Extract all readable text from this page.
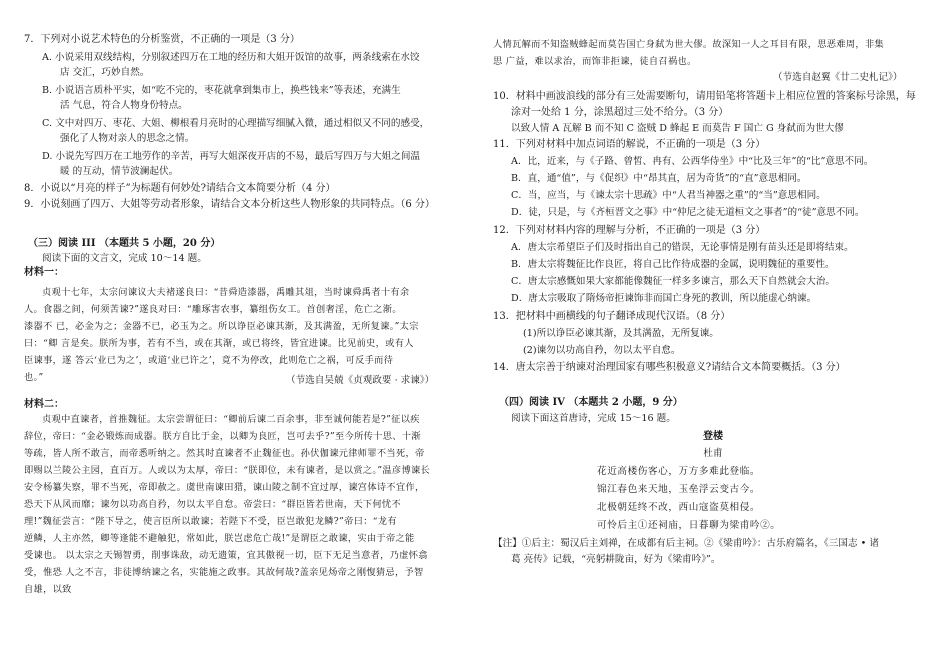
7．下列对小说艺术特色的分析鉴赏，不正确的一项是（3 分）
A. 小说采用双线结构，分别叙述四万在工地的经历和大姐开饭馆的故事，两条线索在水饺
店 交汇，巧妙自然。
B. 小说语言质朴平实，如“吃不完的，枣花就拿到集市上，换些钱来”等表述，充满生
活 气息，符合人物身份特点。
C. 文中对四万、枣花、大姐、柳根看月亮时的心理描写细腻入微，通过相似又不同的感受，
强化了人物对亲人的思念之情。
D. 小说先写四万在工地劳作的辛苦，再写大姐深夜开店的不易，最后写四万与大姐之间温
暖 的互动，情节波澜起伏。
8．小说以“月亮的样子”为标题有何妙处?请结合文本简要分析（4 分）
9．小说刻画了四万、大姐等劳动者形象，请结合文本分析这些人物形象的共同特点。（6 分）
（三）阅读 III （本题共 5 小题，20 分）
阅读下面的文言文，完成 10～14 题。
材料一：
贞观十七年，太宗问谏议大夫褚遂良曰：“昔舜造漆器，禹雕其俎，当时谏舜禹者十有余
人。食器之间，何须苦谏?”遂良对曰：“雕琢害农事，纂组伤女工。首创奢淫，危亡之渐。
漆器不 已，必金为之；金器不已，必玉为之。所以诤臣必谏其渐，及其满盈，无所复谏。”太宗
曰：“卿 言是矣。朕所为事，若有不当，或在其渐，或已将终，皆宜进谏。比见前史，或有人
臣谏事，遂 答云‘业已为之’，或道‘业已许之’，竟不为停改，此则危亡之祸，可反手而待
也。”	（节选自吴兢《贞观政要 · 求谏》）
材料二：
贞观中直谏者，首推魏征。太宗尝谓征曰：“卿前后谏二百余事，非至诚何能若是?”征以疾
辞位，帝曰：“金必锻炼而成器。朕方自比于金，以卿为良匠，岂可去乎?”至今所传十思、十渐
等疏，皆人所不敢言，而帝悉听纳之。然其时直谏者不止魏征也。孙伏伽谏元律师罪不当死，帝
即赐以兰陵公主园，直百万。人或以为太厚，帝曰：“朕即位，未有谏者，是以赏之。”温彦博谏长
安令杨纂失察，罪不当死，帝即赦之。虞世南谏田猎，谏山陵之制不宜过厚，谏宫体诗不宜作，
恐天下从风而靡；谏勿以功高自矜，勿以太平自怠。帝尝曰：“群臣皆若世南，天下何忧不
理!”魏征尝言：“陛下导之，使言臣所以敢谏；若陛下不受，臣岂敢犯龙鳞?”帝曰：“龙有
逆鳞，人主亦然，卿等逢能不避触犯，常如此，朕岂虑危亡哉!”是谓臣之敢谏，实由于帝之能
受谏也。 以太宗之天锡智勇，削事诛敌，动无遗策，宜其傲视一切，臣下无足当意者，乃虚怀翕
受，惟恐 人之不言，非徒博纳谏之名，实能施之政事。其故何哉?盖亲见炀帝之刚愎猜忌，予智
自雄，以致
人情瓦解而不知盗贼蜂起而莫告国亡身弑为世大僇。故深知一人之耳目有限，思恶难周，非集
思 广益，难以求治，而饰非拒谏，徒自召祸也。
（节选自赵翼《廿二史札记》）
10．材料中画波浪线的部分有三处需要断句，请用铅笔将答题卡上相应位置的答案标号涂黑，每
涂对一处给 1 分，涂黑超过三处不给分。（3 分）
以致人情 A 瓦解 B 而不知 C 盗贼 D 蜂起 E 而莫告 F 国亡 G 身弑而为世大僇
11．下列对材料中加点词语的解说，不正确的一项是（3 分）
A．比，近来，与《子路、曾皙、冉有、公西华侍坐》中“比及三年”的“比”意思不同。
B．直，通“值”，与《促织》中“昂其直，居为奇货”的“直”意思相同。
C．当，应当，与《谏太宗十思疏》中“人君当神器之重”的“当”意思相同。
D．徒，只是，与《齐桓晋文之事》中“仲尼之徒无道桓文之事者”的“徒”意思不同。
12．下列对材料内容的理解与分析，不正确的一项是（3 分）
A．唐太宗希望臣子们及时指出自己的错误，无论事情是刚有苗头还是即将结束。
B．唐太宗将魏征比作良匠，将自己比作待成器的金属，说明魏征的重要性。
C．唐太宗感慨如果大家都能像魏征一样多多谏言，那么天下自然就会大治。
D．唐太宗吸取了隋炀帝拒谏饰非而国亡身死的教训，所以能虚心纳谏。
13．把材料中画横线的句子翻译成现代汉语。（8 分）
(1)所以诤臣必谏其渐，及其满盈，无所复谏。
(2)谏勿以功高自矜，勿以太平自怠。
14．唐太宗善于纳谏对治理国家有哪些积极意义?请结合文本简要概括。（3 分）
（四）阅读 IV （本题共 2 小题，9 分）
阅读下面这首唐诗，完成 15～16 题。
登楼
杜甫
花近高楼伤客心，万方多难此登临。
锦江春色来天地，玉垒浮云变古今。
北极朝廷终不改，西山寇盗莫相侵。
可怜后主①还祠庙，日暮聊为梁甫吟②。
【注】①后主：蜀汉后主刘禅，在成都有后主祠。②《梁甫吟》：古乐府篇名，《三国志 • 诸
葛 亮传》记载，“亮躬耕陇亩，好为《梁甫吟》”。
